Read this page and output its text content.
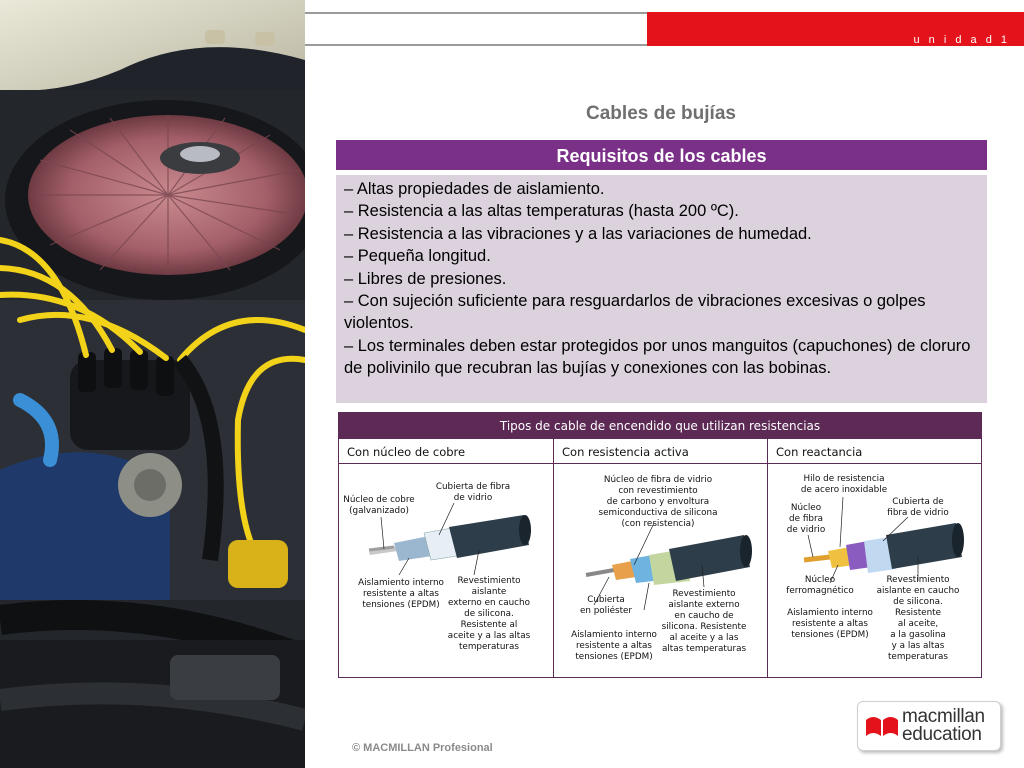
u n i d a d 1
Cables de bujías
Requisitos de los cables

– Altas propiedades de aislamiento.

– Resistencia a las altas temperaturas (hasta 200 ºC).

– Resistencia a las vibraciones y a las variaciones de humedad.

– Pequeña longitud.

– Libres de presiones.

– Con sujeción suficiente para resguardarlos de vibraciones excesivas o golpes violentos.

– Los terminales deben estar protegidos por unos manguitos (capuchones) de cloruro de polivinilo que recubran las bujías y conexiones con las bobinas.

Tipos de cable de encendido que utilizan resistencias
Con núcleo de cobre	Con resistencia activa	Con reactancia
Núcleo de cobre (galvanizado)
Cubierta de fibra de vidrio
Aislamiento interno resistente a altas tensiones (EPDM)
Revestimiento aislante externo en caucho de silicona. Resistente al aceite y a las altas temperaturas
Núcleo de fibra de vidrio con revestimiento de carbono y envoltura semiconductiva de silicona (con resistencia)
Cubierta en poliéster
Aislamiento interno resistente a altas tensiones (EPDM)
Revestimiento aislante externo en caucho de silicona. Resistente al aceite y a las altas temperaturas
Hilo de resistencia de acero inoxidable
Núcleo de fibra de vidrio
Cubierta de fibra de vidrio
Núcleo ferromagnético
Aislamiento interno resistente a altas tensiones (EPDM)
Revestimiento aislante en caucho de silicona. Resistente al aceite, a la gasolina y a las altas temperaturas
© MACMILLAN Profesional
macmillan
education
